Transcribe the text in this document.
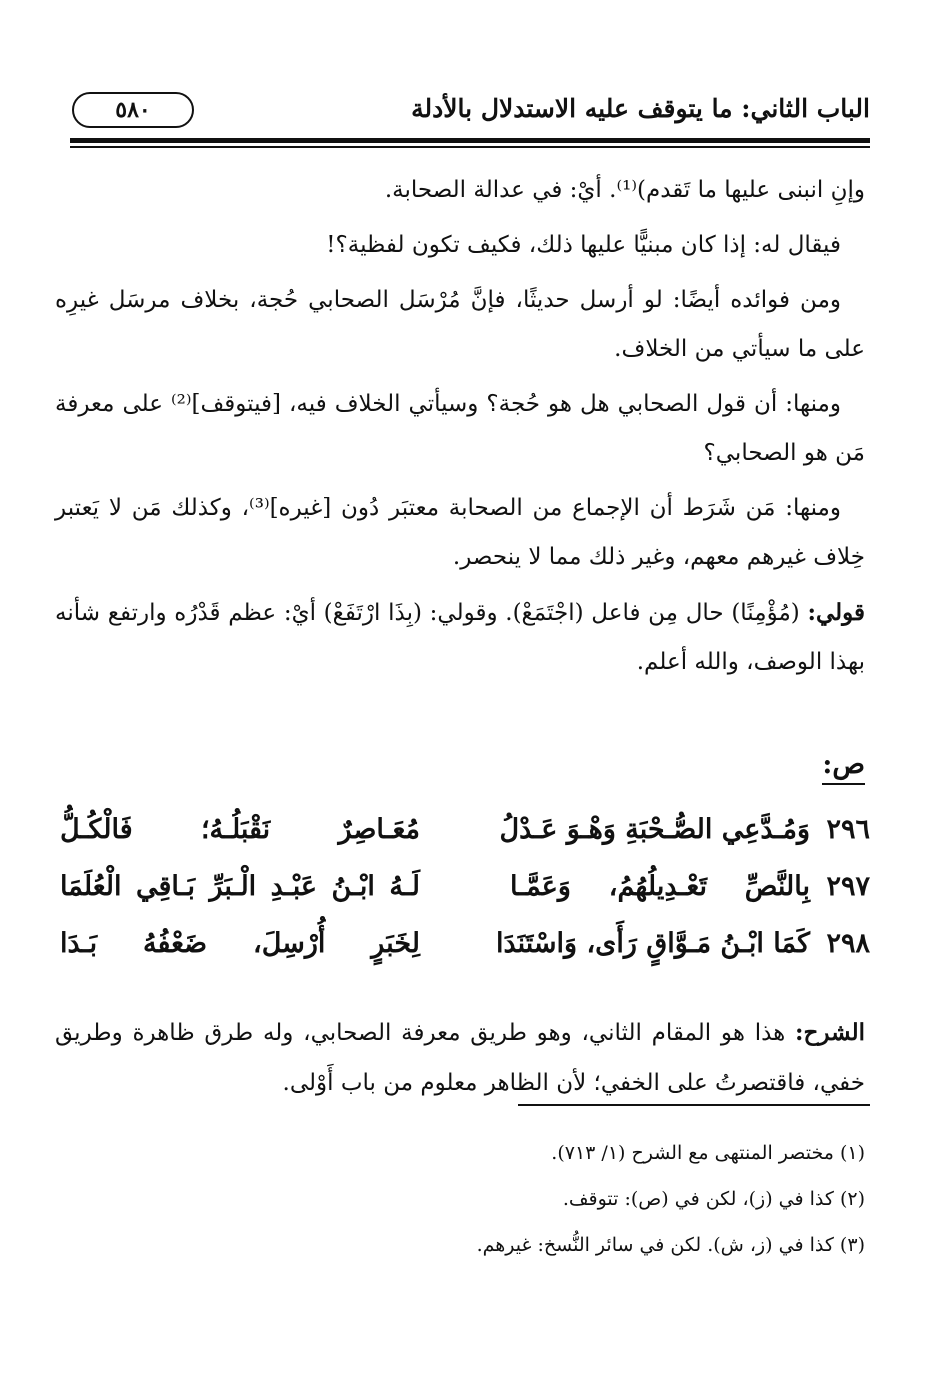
الباب الثاني: ما يتوقف عليه الاستدلال بالأدلة
٥٨٠

وإنِ انبنى عليها ما تَقدم)⁽¹⁾. أيْ: في عدالة الصحابة.

فيقال له: إذا كان مبنيًّا عليها ذلك، فكيف تكون لفظية؟!

ومن فوائده أيضًا: لو أرسل حديثًا، فإنَّ مُرْسَل الصحابي حُجة، بخلاف مرسَل غيرِه على ما سيأتي من الخلاف.

ومنها: أن قول الصحابي هل هو حُجة؟ وسيأتي الخلاف فيه، [فيتوقف]⁽²⁾ على معرفة مَن هو الصحابي؟

ومنها: مَن شَرَط أن الإجماع من الصحابة معتبَر دُون [غيره]⁽³⁾، وكذلك مَن لا يَعتبر خِلاف غيرهم معهم، وغير ذلك مما لا ينحصر.

قولي: (مُؤْمِنًا) حال مِن فاعل (اجْتَمَعْ). وقولي: (بِذَا ارْتَفَعْ) أيْ: عظم قَدْرُه وارتفع شأنه بهذا الوصف، والله أعلم.

ص:
٢٩٦
وَمُـدَّعِي الصُّـحْبَةِ وَهْـوَ عَـدْلُ
مُعَـاصِرٌ نَقْبَلُـهُ؛ فَالْكُـلُّ
٢٩٧
بِالنَّصِّ تَعْـدِيلُهُمُ، وَعَمَّـا
لَـهُ ابْـنُ عَبْـدِ الْـبَرِّ بَـاقِي الْعُلَمَا
٢٩٨
كَمَا ابْـنُ مَـوَّاقٍ رَأَى، وَاسْتَنَدَا
لِخَبَرٍ أُرْسِلَ، ضَعْفُهُ بَـدَا
الشرح: هذا هو المقام الثاني، وهو طريق معرفة الصحابي، وله طرق ظاهرة وطريق خفي، فاقتصرتُ على الخفي؛ لأن الظاهر معلوم من باب أَوْلى.

(١) مختصر المنتهى مع الشرح (١/ ٧١٣).

(٢) كذا في (ز)، لكن في (ص): تتوقف.

(٣) كذا في (ز، ش). لكن في سائر النُّسخ: غيرهم.
